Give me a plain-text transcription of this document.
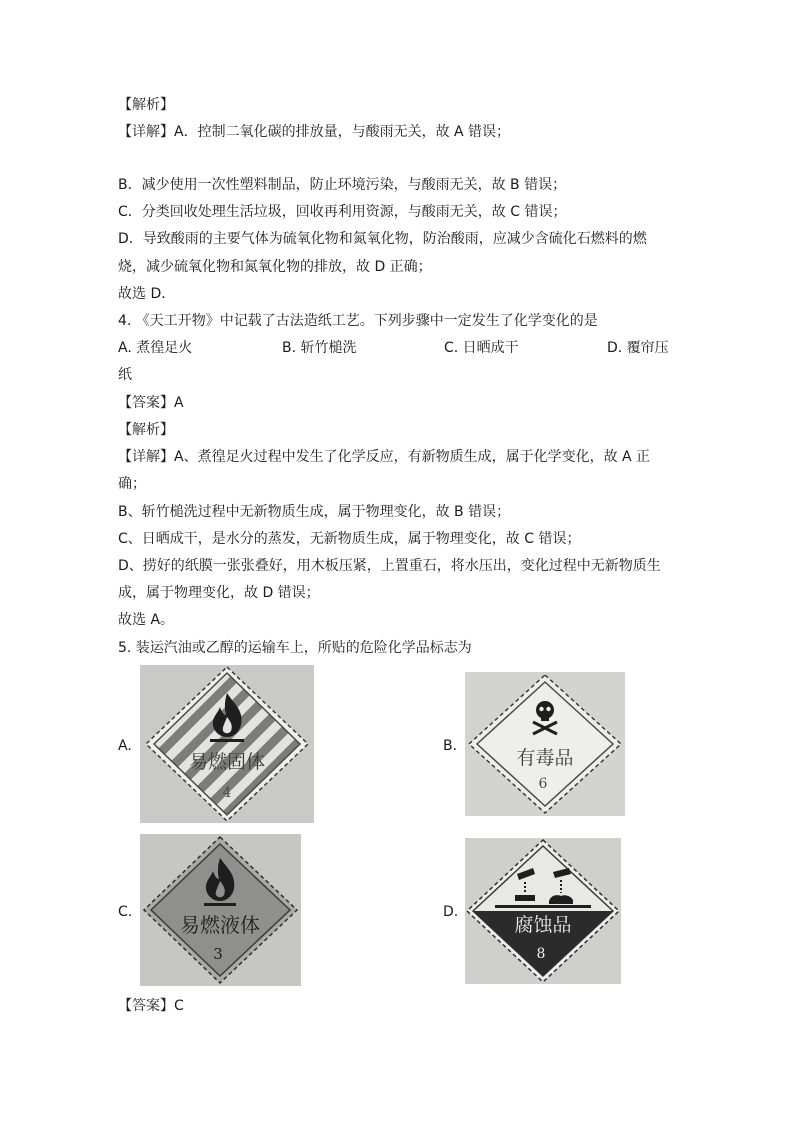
【解析】
【详解】A．控制二氧化碳的排放量，与酸雨无关，故 A 错误；
B．减少使用一次性塑料制品，防止环境污染，与酸雨无关，故 B 错误；
C．分类回收处理生活垃圾，回收再利用资源，与酸雨无关，故 C 错误；
D．导致酸雨的主要气体为硫氧化物和氮氧化物，防治酸雨，应减少含硫化石燃料的燃
烧，减少硫氧化物和氮氧化物的排放，故 D 正确；
故选 D．
4. 《天工开物》中记载了古法造纸工艺。下列步骤中一定发生了化学变化的是
A. 煮徨足火	B. 斩竹槌洗	C. 日晒成干	D. 覆帘压
纸
【答案】A
【解析】
【详解】A、煮徨足火过程中发生了化学反应，有新物质生成，属于化学变化，故 A 正
确；
B、斩竹槌洗过程中无新物质生成，属于物理变化，故 B 错误；
C、日晒成干，是水分的蒸发，无新物质生成，属于物理变化，故 C 错误；
D、捞好的纸膜一张张叠好，用木板压紧，上置重石，将水压出，变化过程中无新物质生
成，属于物理变化，故 D 错误；
故选 A。
5. 装运汽油或乙醇的运输车上，所贴的危险化学品标志为
A.
易燃固体
4
B.
有毒品
6
C.
易燃液体
3
D.
腐蚀品
8
【答案】C
